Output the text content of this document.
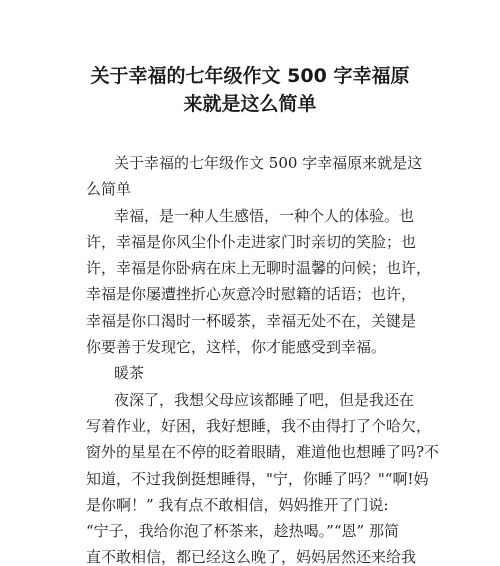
关于幸福的七年级作文 500 字幸福原
来就是这么简单

关于幸福的七年级作文 500 字幸福原来就是这
么简单

幸福，是一种人生感悟，一种个人的体验。也
许，幸福是你风尘仆仆走进家门时亲切的笑脸；也
许，幸福是你卧病在床上无聊时温馨的问候；也许，
幸福是你屡遭挫折心灰意冷时慰籍的话语；也许，
幸福是你口渴时一杯暖茶，幸福无处不在，关键是
你要善于发现它，这样，你才能感受到幸福。

暖茶

夜深了，我想父母应该都睡了吧，但是我还在
写着作业，好困，我好想睡，我不由得打了个哈欠，
窗外的星星在不停的眨着眼睛，难道他也想睡了吗?不
知道，不过我倒挺想睡得，"宁，你睡了吗？"“啊!妈
是你啊！” 我有点不敢相信，妈妈推开了门说:
“宁子，我给你泡了杯茶来，趁热喝。”“恩” 那简
直不敢相信，都已经这么晚了，妈妈居然还来给我
